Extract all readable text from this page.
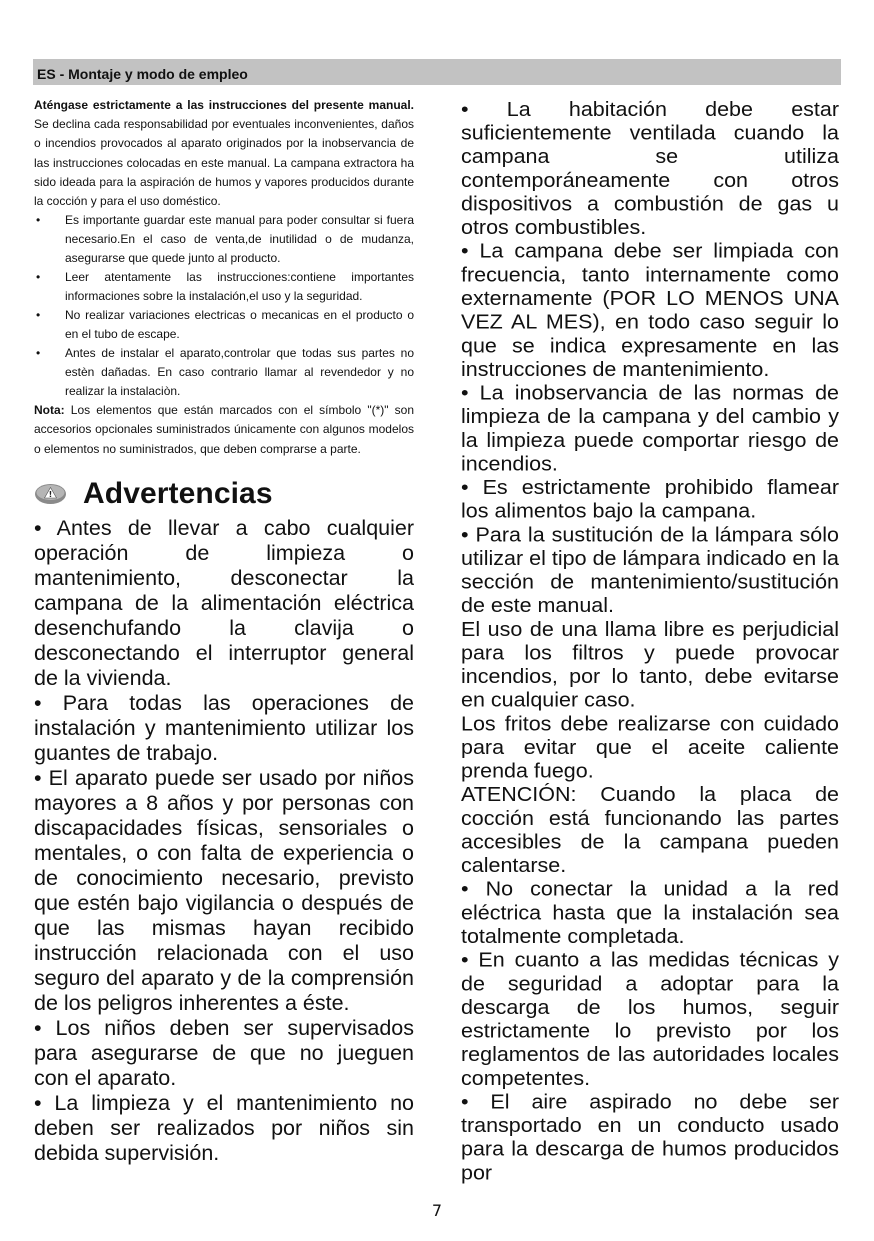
ES - Montaje y modo de empleo

Aténgase estrictamente a las instrucciones del presente manual. Se declina cada responsabilidad por eventuales inconvenientes, daños o incendios provocados al aparato originados por la inobservancia de las instrucciones colocadas en este manual. La campana extractora ha sido ideada para la aspiración de humos y vapores producidos durante la cocción y para el uso doméstico.

• Es importante guardar este manual para poder consultar si fuera necesario.En el caso de venta,de inutilidad o de mudanza, asegurarse que quede junto al producto.
• Leer atentamente las instrucciones:contiene importantes informaciones sobre la instalación,el uso y la seguridad.
• No realizar variaciones electricas o mecanicas en el producto o en el tubo de escape.
• Antes de instalar el aparato,controlar que todas sus partes no estèn dañadas. En caso contrario llamar al revendedor y no realizar la instalaciòn.

Nota: Los elementos que están marcados con el símbolo "(*)" son accesorios opcionales suministrados únicamente con algunos modelos o elementos no suministrados, que deben comprarse a parte.

! Advertencias

• Antes de llevar a cabo cualquier operación de limpieza o mantenimiento, desconectar la campana de la alimentación eléctrica desenchufando la clavija o desconectando el interruptor general de la vivienda.

• Para todas las operaciones de instalación y mantenimiento utilizar los guantes de trabajo.

• El aparato puede ser usado por niños mayores a 8 años y por personas con discapacidades físicas, sensoriales o mentales, o con falta de experiencia o de conocimiento necesario, previsto que estén bajo vigilancia o después de que las mismas hayan recibido instrucción relacionada con el uso seguro del aparato y de la comprensión de los peligros inherentes a éste.

• Los niños deben ser supervisados para asegurarse de que no jueguen con el aparato.

• La limpieza y el mantenimiento no deben ser realizados por niños sin debida supervisión.

• La habitación debe estar suficientemente ventilada cuando la campana se utiliza contemporáneamente con otros dispositivos a combustión de gas u otros combustibles.

• La campana debe ser limpiada con frecuencia, tanto internamente como externamente (POR LO MENOS UNA VEZ AL MES), en todo caso seguir lo que se indica expresamente en las instrucciones de mantenimiento.

• La inobservancia de las normas de limpieza de la campana y del cambio y la limpieza puede comportar riesgo de incendios.

• Es estrictamente prohibido flamear los alimentos bajo la campana.

• Para la sustitución de la lámpara sólo utilizar el tipo de lámpara indicado en la sección de mantenimiento/sustitución de este manual.

El uso de una llama libre es perjudicial para los filtros y puede provocar incendios, por lo tanto, debe evitarse en cualquier caso.

Los fritos debe realizarse con cuidado para evitar que el aceite caliente prenda fuego.

ATENCIÓN: Cuando la placa de cocción está funcionando las partes accesibles de la campana pueden calentarse.

• No conectar la unidad a la red eléctrica hasta que la instalación sea totalmente completada.

• En cuanto a las medidas técnicas y de seguridad a adoptar para la descarga de los humos, seguir estrictamente lo previsto por los reglamentos de las autoridades locales competentes.

• El aire aspirado no debe ser transportado en un conducto usado para la descarga de humos producidos por

7
